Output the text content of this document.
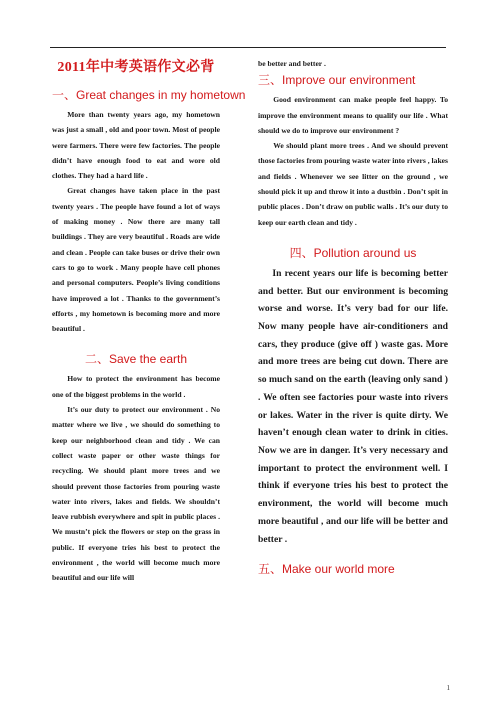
2011年中考英语作文必背
一、Great changes in my hometown

More than twenty years ago, my hometown was just a small , old and poor town. Most of people were farmers. There were few factories. The people didn’t have enough food to eat and wore old clothes. They had a hard life .

Great changes have taken place in the past twenty years . The people have found a lot of ways of making money . Now there are many tall buildings . They are very beautiful . Roads are wide and clean . People can take buses or drive their own cars to go to work . Many people have cell phones and personal computers. People’s living conditions have improved a lot . Thanks to the government’s efforts , my hometown is becoming more and more beautiful .

二、Save the earth

How to protect the environment has become one of the biggest problems in the world .

It’s our duty to protect our environment . No matter where we live , we should do something to keep our neighborhood clean and tidy . We can collect waste paper or other waste things for recycling. We should plant more trees and we should prevent those factories from pouring waste water into rivers, lakes and fields. We shouldn’t leave rubbish everywhere and spit in public places . We mustn’t pick the flowers or step on the grass in public. If everyone tries his best to protect the environment , the world will become much more beautiful and our life will

be better and better .

三、Improve our environment

Good environment can make people feel happy. To improve the environment means to qualify our life . What should we do to improve our environment ?

We should plant more trees . And we should prevent those factories from pouring waste water into rivers , lakes and fields . Whenever we see litter on the ground , we should pick it up and throw it into a dustbin . Don’t spit in public places . Don’t draw on public walls . It’s our duty to keep our earth clean and tidy .

四、Pollution around us

In recent years our life is becoming better and better. But our environment is becoming worse and worse. It’s very bad for our life. Now many people have air-conditioners and cars, they produce (give off ) waste gas. More and more trees are being cut down. There are so much sand on the earth (leaving only sand ) . We often see factories pour waste into rivers or lakes. Water in the river is quite dirty. We haven’t enough clean water to drink in cities. Now we are in danger. It’s very necessary and important to protect the environment well. I think if everyone tries his best to protect the environment, the world will become much more beautiful , and our life will be better and better .

五、Make our world more
1
